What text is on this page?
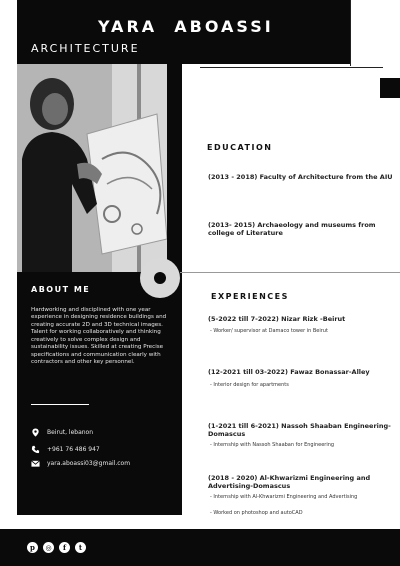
YARA  ABOASSI
ARCHITECTURE
EDUCATION
(2013 - 2018) Faculty of Architecture from the AIU
(2013- 2015) Archaeology and museums from college of Literature
ABOUT ME
Hardworking and disciplined with one year experience in designing residence buildings and creating accurate 2D and 3D technical images. Talent for working collaboratively and thinking creatively to solve complex design and sustainability issues. Skilled at creating Precise specifications and communication clearly with contractors and other key personnel.
Beirut, lebanon
+961 76 486 947
yara.aboassi03@gmail.com
EXPERIENCES
(5-2022 till 7-2022) Nizar Rizk -Beirut
- Worker/ supervisor at Damaco tower in Beirut
(12-2021 till 03-2022) Fawaz Bonassar-Alley
- Interior design for apartments
(1-2021 till 6-2021) Nassoh Shaaban Engineering-Domascus
- Internship with Nassoh Shaaban for Engineering
(2018 - 2020) Al-Khwarizmi Engineering and Advertising-Domascus
- Internship with Al-Khwarizmi Engineering and Advertising
- Worked on photoshop and autoCAD
p	◎	f	t
